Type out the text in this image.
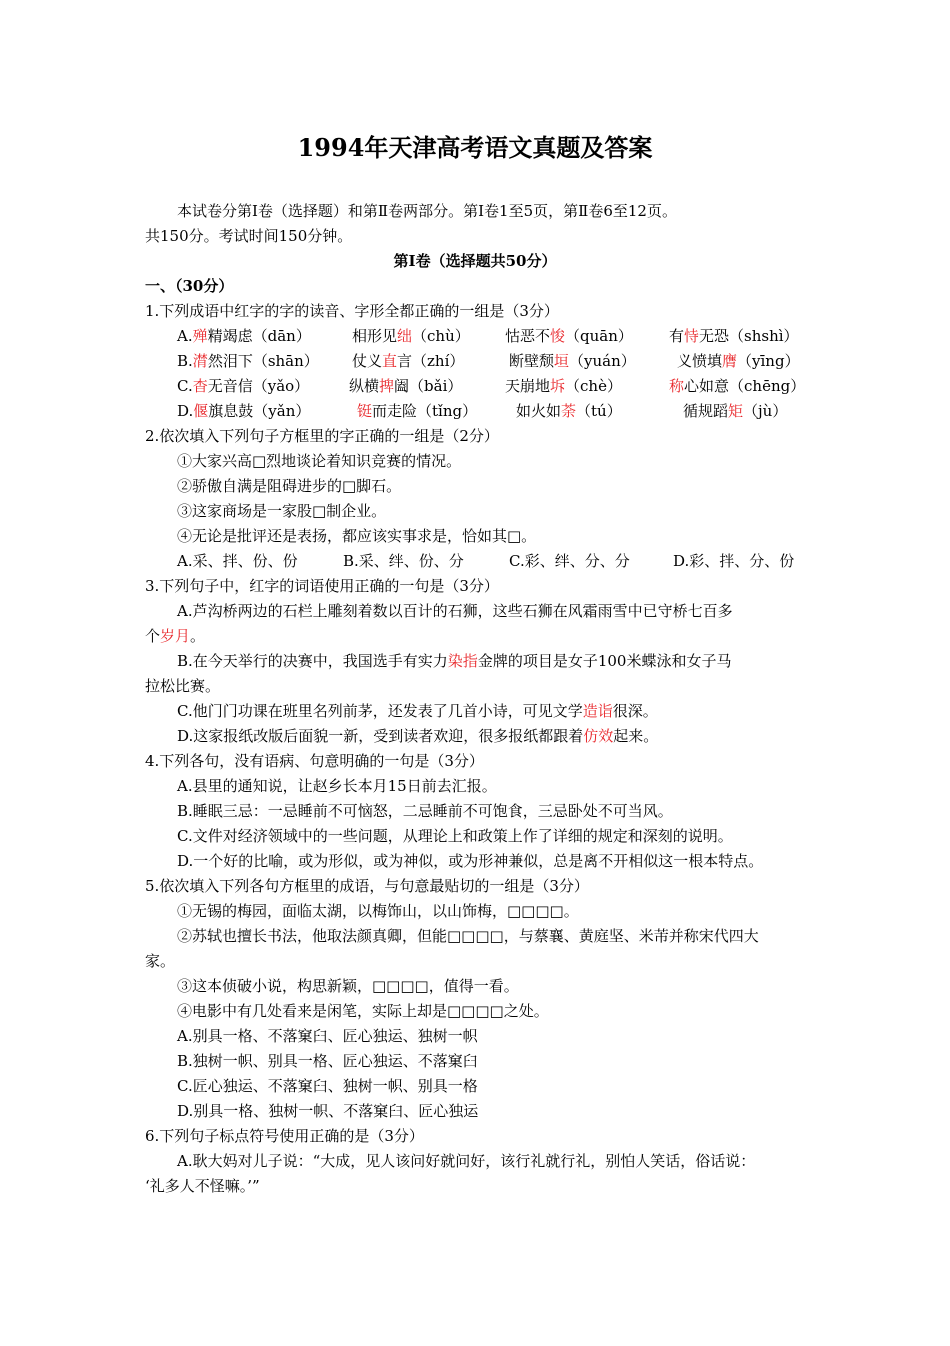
1994年天津高考语文真题及答案
本试卷分第Ⅰ卷（选择题）和第Ⅱ卷两部分。第Ⅰ卷1至5页，第Ⅱ卷6至12页。
共150分。考试时间150分钟。
第Ⅰ卷（选择题共50分）
一、（30分）
1.下列成语中红字的字的读音、字形全都正确的一组是（3分）
A.殚精竭虑（dān）	相形见绌（chù） 怙恶不悛（quān） 有恃无恐（shshì）
B.潸然泪下（shān） 仗义直言（zhí）	断壁颓垣（yuán）	义愤填膺（yīng）
C.杳无音信（yǎo）	纵横捭阖（bǎi）	天崩地坼（chè）	称心如意（chēng）
D.偃旗息鼓（yǎn）	铤而走险（tǐng）	如火如荼（tú）	循规蹈矩（jù）
2.依次填入下列句子方框里的字正确的一组是（2分）
①大家兴高□烈地谈论着知识竞赛的情况。
②骄傲自满是阻碍进步的□脚石。
③这家商场是一家股□制企业。
④无论是批评还是表扬，都应该实事求是，恰如其□。
A.采、拌、份、份	B.采、绊、份、分	C.彩、绊、分、分	D.彩、拌、分、份
3.下列句子中，红字的词语使用正确的一句是（3分）
A.芦沟桥两边的石栏上雕刻着数以百计的石狮，这些石狮在风霜雨雪中已守桥七百多
个岁月。
B.在今天举行的决赛中，我国选手有实力染指金牌的项目是女子100米蝶泳和女子马
拉松比赛。
C.他门门功课在班里名列前茅，还发表了几首小诗，可见文学造诣很深。
D.这家报纸改版后面貌一新，受到读者欢迎，很多报纸都跟着仿效起来。
4.下列各句，没有语病、句意明确的一句是（3分）
A.县里的通知说，让赵乡长本月15日前去汇报。
B.睡眠三忌：一忌睡前不可恼怒，二忌睡前不可饱食，三忌卧处不可当风。
C.文件对经济领域中的一些问题，从理论上和政策上作了详细的规定和深刻的说明。
D.一个好的比喻，或为形似，或为神似，或为形神兼似，总是离不开相似这一根本特点。
5.依次填入下列各句方框里的成语，与句意最贴切的一组是（3分）
①无锡的梅园，面临太湖，以梅饰山，以山饰梅，□□□□。
②苏轼也擅长书法，他取法颜真卿，但能□□□□，与蔡襄、黄庭坚、米芾并称宋代四大
家。
③这本侦破小说，构思新颖，□□□□，值得一看。
④电影中有几处看来是闲笔，实际上却是□□□□之处。
A.别具一格、不落窠臼、匠心独运、独树一帜
B.独树一帜、别具一格、匠心独运、不落窠臼
C.匠心独运、不落窠臼、独树一帜、别具一格
D.别具一格、独树一帜、不落窠臼、匠心独运
6.下列句子标点符号使用正确的是（3分）
A.耿大妈对儿子说：“大成，见人该问好就问好，该行礼就行礼，别怕人笑话，俗话说：
‘礼多人不怪嘛。’”
